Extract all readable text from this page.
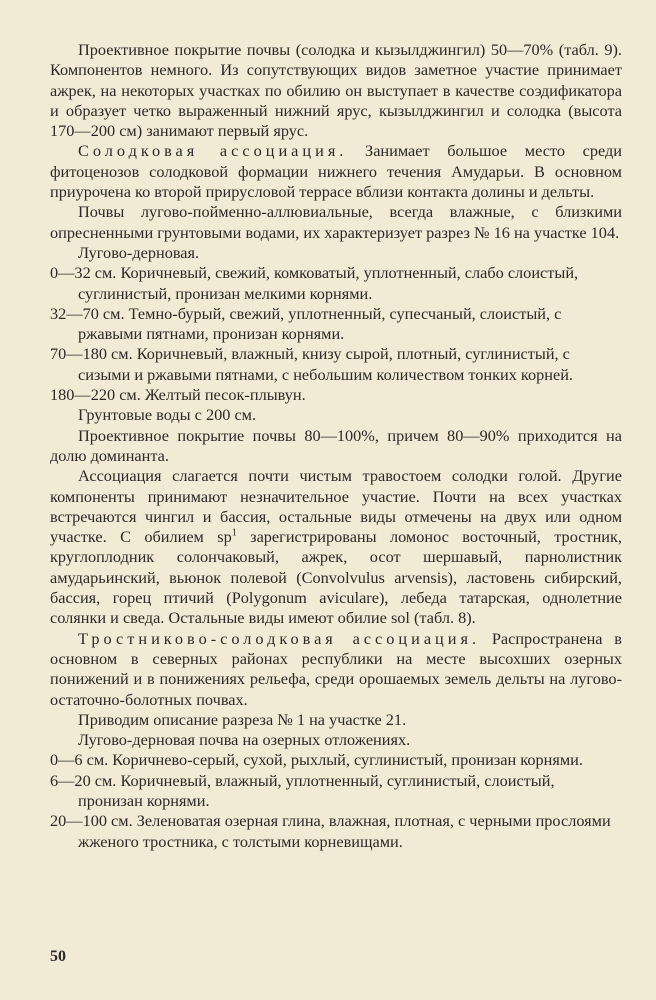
Проективное покрытие почвы (солодка и кызылджингил) 50—70% (табл. 9). Компонентов немного. Из сопутствующих видов заметное участие принимает ажрек, на некоторых участках по обилию он выступает в качестве соэдификатора и образует четко выраженный нижний ярус, кызылджингил и солодка (высота 170—200 см) занимают первый ярус.
Солодковая ассоциация. Занимает большое место среди фитоценозов солодковой формации нижнего течения Амударьи. В основном приурочена ко второй прирусловой террасе вблизи контакта долины и дельты.
Почвы лугово-пойменно-аллювиальные, всегда влажные, с близкими опресненными грунтовыми водами, их характеризует разрез № 16 на участке 104.
Лугово-дерновая.
0—32 см. Коричневый, свежий, комковатый, уплотненный, слабо слоистый, суглинистый, пронизан мелкими корнями.
32—70 см. Темно-бурый, свежий, уплотненный, супесчаный, слоистый, с ржавыми пятнами, пронизан корнями.
70—180 см. Коричневый, влажный, книзу сырой, плотный, суглинистый, с сизыми и ржавыми пятнами, с небольшим количеством тонких корней.
180—220 см. Желтый песок-плывун.
Грунтовые воды с 200 см.
Проективное покрытие почвы 80—100%, причем 80—90% приходится на долю доминанта.
Ассоциация слагается почти чистым травостоем солодки голой. Другие компоненты принимают незначительное участие. Почти на всех участках встречаются чингил и бассия, остальные виды отмечены на двух или одном участке. С обилием $sp^1$ зарегистрированы ломонос восточный, тростник, круглоплодник солончаковый, ажрек, осот шершавый, парнолистник амударьинский, вьюнок полевой (Convolvulus arvensis), ластовень сибирский, бассия, горец птичий (Polygonum aviculare), лебеда татарская, однолетние солянки и сведа. Остальные виды имеют обилие sol (табл. 8).
Тростниково-солодковая ассоциация. Распространена в основном в северных районах республики на месте высохших озерных понижений и в понижениях рельефа, среди орошаемых земель дельты на лугово-остаточно-болотных почвах.
Приводим описание разреза № 1 на участке 21.
Лугово-дерновая почва на озерных отложениях.
0—6 см. Коричнево-серый, сухой, рыхлый, суглинистый, пронизан корнями.
6—20 см. Коричневый, влажный, уплотненный, суглинистый, слоистый, пронизан корнями.
20—100 см. Зеленоватая озерная глина, влажная, плотная, с черными прослоями жженого тростника, с толстыми корневищами.
50
